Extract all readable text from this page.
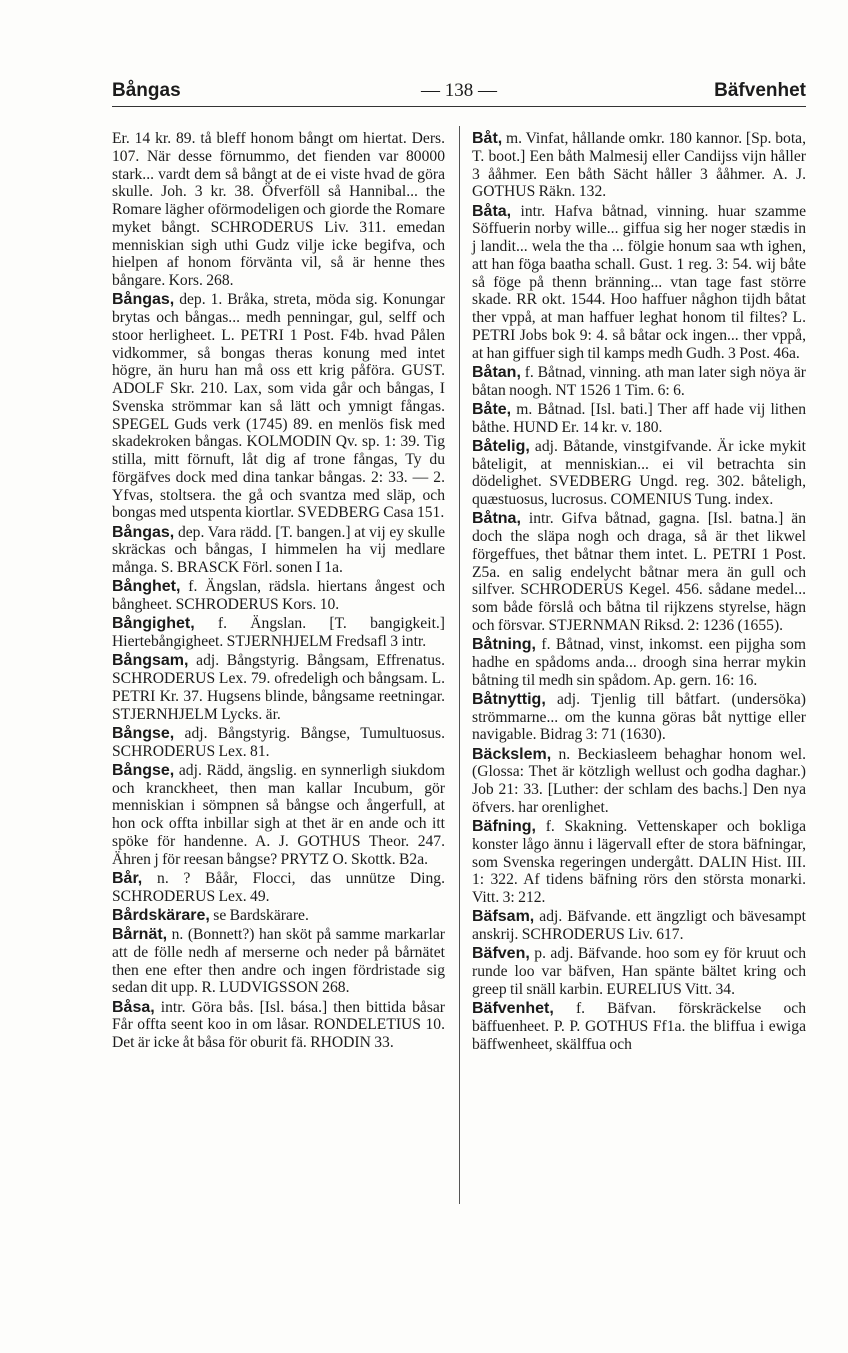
Bångas	— 138 —	Bäfvenhet

Er. 14 kr. 89. tå bleff honom bångt om hiertat. Ders. 107. När desse förnummo, det fienden var 80000 stark... vardt dem så bångt at de ei viste hvad de göra skulle. Joh. 3 kr. 38. Öfverföll så Hannibal... the Romare lägher oförmodeligen och giorde the Romare myket bångt. SCHRODERUS Liv. 311. emedan menniskian sigh uthi Gudz vilje icke begifva, och hielpen af honom förvänta vil, så är henne thes bångare. Kors. 268.

Bångas, dep. 1. Bråka, streta, möda sig. Konungar brytas och bångas... medh penningar, gul, selff och stoor herligheet. L. PETRI 1 Post. F4b. hvad Pålen vidkommer, så bongas theras konung med intet högre, än huru han må oss ett krig påföra. GUST. ADOLF Skr. 210. Lax, som vida går och bångas, I Svenska strömmar kan så lätt och ymnigt fångas. SPEGEL Guds verk (1745) 89. en menlös fisk med skadekroken bångas. KOLMODIN Qv. sp. 1: 39. Tig stilla, mitt förnuft, låt dig af trone fångas, Ty du förgäfves dock med dina tankar bångas. 2: 33. — 2. Yfvas, stoltsera. the gå och svantza med släp, och bongas med utspenta kiortlar. SVEDBERG Casa 151.

Bångas, dep. Vara rädd. [T. bangen.] at vij ey skulle skräckas och bångas, I himmelen ha vij medlare många. S. BRASCK Förl. sonen I 1a.

Bånghet, f. Ängslan, rädsla. hiertans ångest och bångheet. SCHRODERUS Kors. 10.

Bångighet, f. Ängslan. [T. bangigkeit.] Hiertebångigheet. STJERNHJELM Fredsafl 3 intr.

Bångsam, adj. Bångstyrig. Bångsam, Effrenatus. SCHRODERUS Lex. 79. ofredeligh och bångsam. L. PETRI Kr. 37. Hugsens blinde, bångsame reetningar. STJERNHJELM Lycks. är.

Bångse, adj. Bångstyrig. Bångse, Tumultuosus. SCHRODERUS Lex. 81.

Bångse, adj. Rädd, ängslig. en synnerligh siukdom och kranckheet, then man kallar Incubum, gör menniskian i sömpnen så bångse och ångerfull, at hon ock offta inbillar sigh at thet är en ande och itt spöke för handenne. A. J. GOTHUS Theor. 247. Ähren j för reesan bångse? PRYTZ O. Skottk. B2a.

Bår, n. ? Båår, Flocci, das unnütze Ding. SCHRODERUS Lex. 49.

Bårdskärare, se Bardskärare.

Bårnät, n. (Bonnett?) han sköt på samme markarlar att de fölle nedh af merserne och neder på bårnätet then ene efter then andre och ingen fördristade sig sedan dit upp. R. LUDVIGSSON 268.

Båsa, intr. Göra bås. [Isl. bása.] then bittida båsar Får offta seent koo in om låsar. RONDELETIUS 10. Det är icke åt båsa för oburit fä. RHODIN 33.

Båt, m. Vinfat, hållande omkr. 180 kannor. [Sp. bota, T. boot.] Een båth Malmesij eller Candijss vijn håller 3 ååhmer. Een båth Sächt håller 3 ååhmer. A. J. GOTHUS Räkn. 132.

Båta, intr. Hafva båtnad, vinning. huar szamme Söffuerin norby wille... giffua sig her noger stædis in j landit... wela the tha ... fölgie honum saa wth ighen, att han föga baatha schall. Gust. 1 reg. 3: 54. wij båte så föge på thenn bränning... vtan tage fast större skade. RR okt. 1544. Hoo haffuer någhon tijdh båtat ther vppå, at man haffuer leghat honom til filtes? L. PETRI Jobs bok 9: 4. så båtar ock ingen... ther vppå, at han giffuer sigh til kamps medh Gudh. 3 Post. 46a.

Båtan, f. Båtnad, vinning. ath man later sigh nöya är båtan noogh. NT 1526 1 Tim. 6: 6.

Båte, m. Båtnad. [Isl. bati.] Ther aff hade vij lithen båthe. HUND Er. 14 kr. v. 180.

Båtelig, adj. Båtande, vinstgifvande. Är icke mykit båteligit, at menniskian... ei vil betrachta sin dödelighet. SVEDBERG Ungd. reg. 302. båteligh, quæstuosus, lucrosus. COMENIUS Tung. index.

Båtna, intr. Gifva båtnad, gagna. [Isl. batna.] än doch the släpa nogh och draga, så är thet likwel förgeffues, thet båtnar them intet. L. PETRI 1 Post. Z5a. en salig endelycht båtnar mera än gull och silfver. SCHRODERUS Kegel. 456. sådane medel... som både förslå och båtna til rijkzens styrelse, hägn och försvar. STJERNMAN Riksd. 2: 1236 (1655).

Båtning, f. Båtnad, vinst, inkomst. een pijgha som hadhe en spådoms anda... droogh sina herrar mykin båtning til medh sin spådom. Ap. gern. 16: 16.

Båtnyttig, adj. Tjenlig till båtfart. (undersöka) strömmarne... om the kunna göras båt nyttige eller navigable. Bidrag 3: 71 (1630).

Bäckslem, n. Beckiasleem behaghar honom wel. (Glossa: Thet är kötzligh wellust och godha daghar.) Job 21: 33. [Luther: der schlam des bachs.] Den nya öfvers. har orenlighet.

Bäfning, f. Skakning. Vettenskaper och bokliga konster lågo ännu i lägervall efter de stora bäfningar, som Svenska regeringen undergått. DALIN Hist. III. 1: 322. Af tidens bäfning rörs den största monarki. Vitt. 3: 212.

Bäfsam, adj. Bäfvande. ett ängzligt och bävesampt anskrij. SCHRODERUS Liv. 617.

Bäfven, p. adj. Bäfvande. hoo som ey för kruut och runde loo var bäfven, Han spänte bältet kring och greep til snäll karbin. EURELIUS Vitt. 34.

Bäfvenhet, f. Bäfvan. förskräckelse och bäffuenheet. P. P. GOTHUS Ff1a. the bliffua i ewiga bäffwenheet, skälffua och
